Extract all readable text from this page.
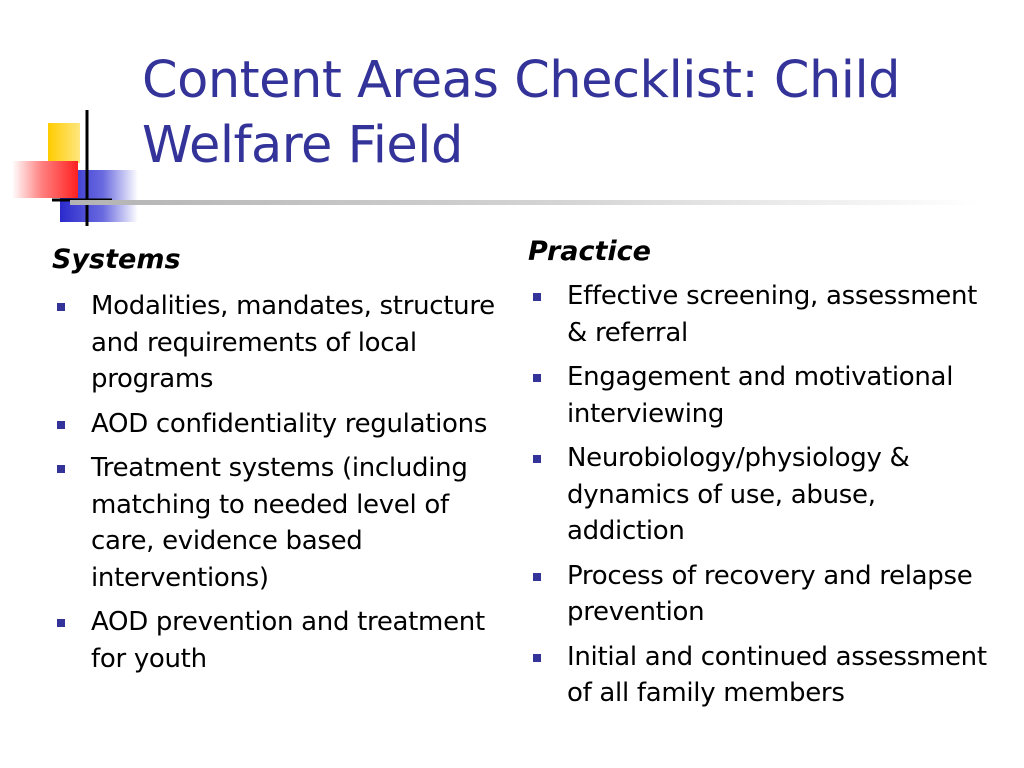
Content Areas Checklist: Child Welfare Field
Systems
Modalities, mandates, structure and requirements of local programs
AOD confidentiality regulations
Treatment systems (including matching to needed level of care, evidence based interventions)
AOD prevention and treatment for youth
Practice
Effective screening, assessment & referral
Engagement and motivational interviewing
Neurobiology/physiology & dynamics of use, abuse, addiction
Process of recovery and relapse prevention
Initial and continued assessment of all family members
